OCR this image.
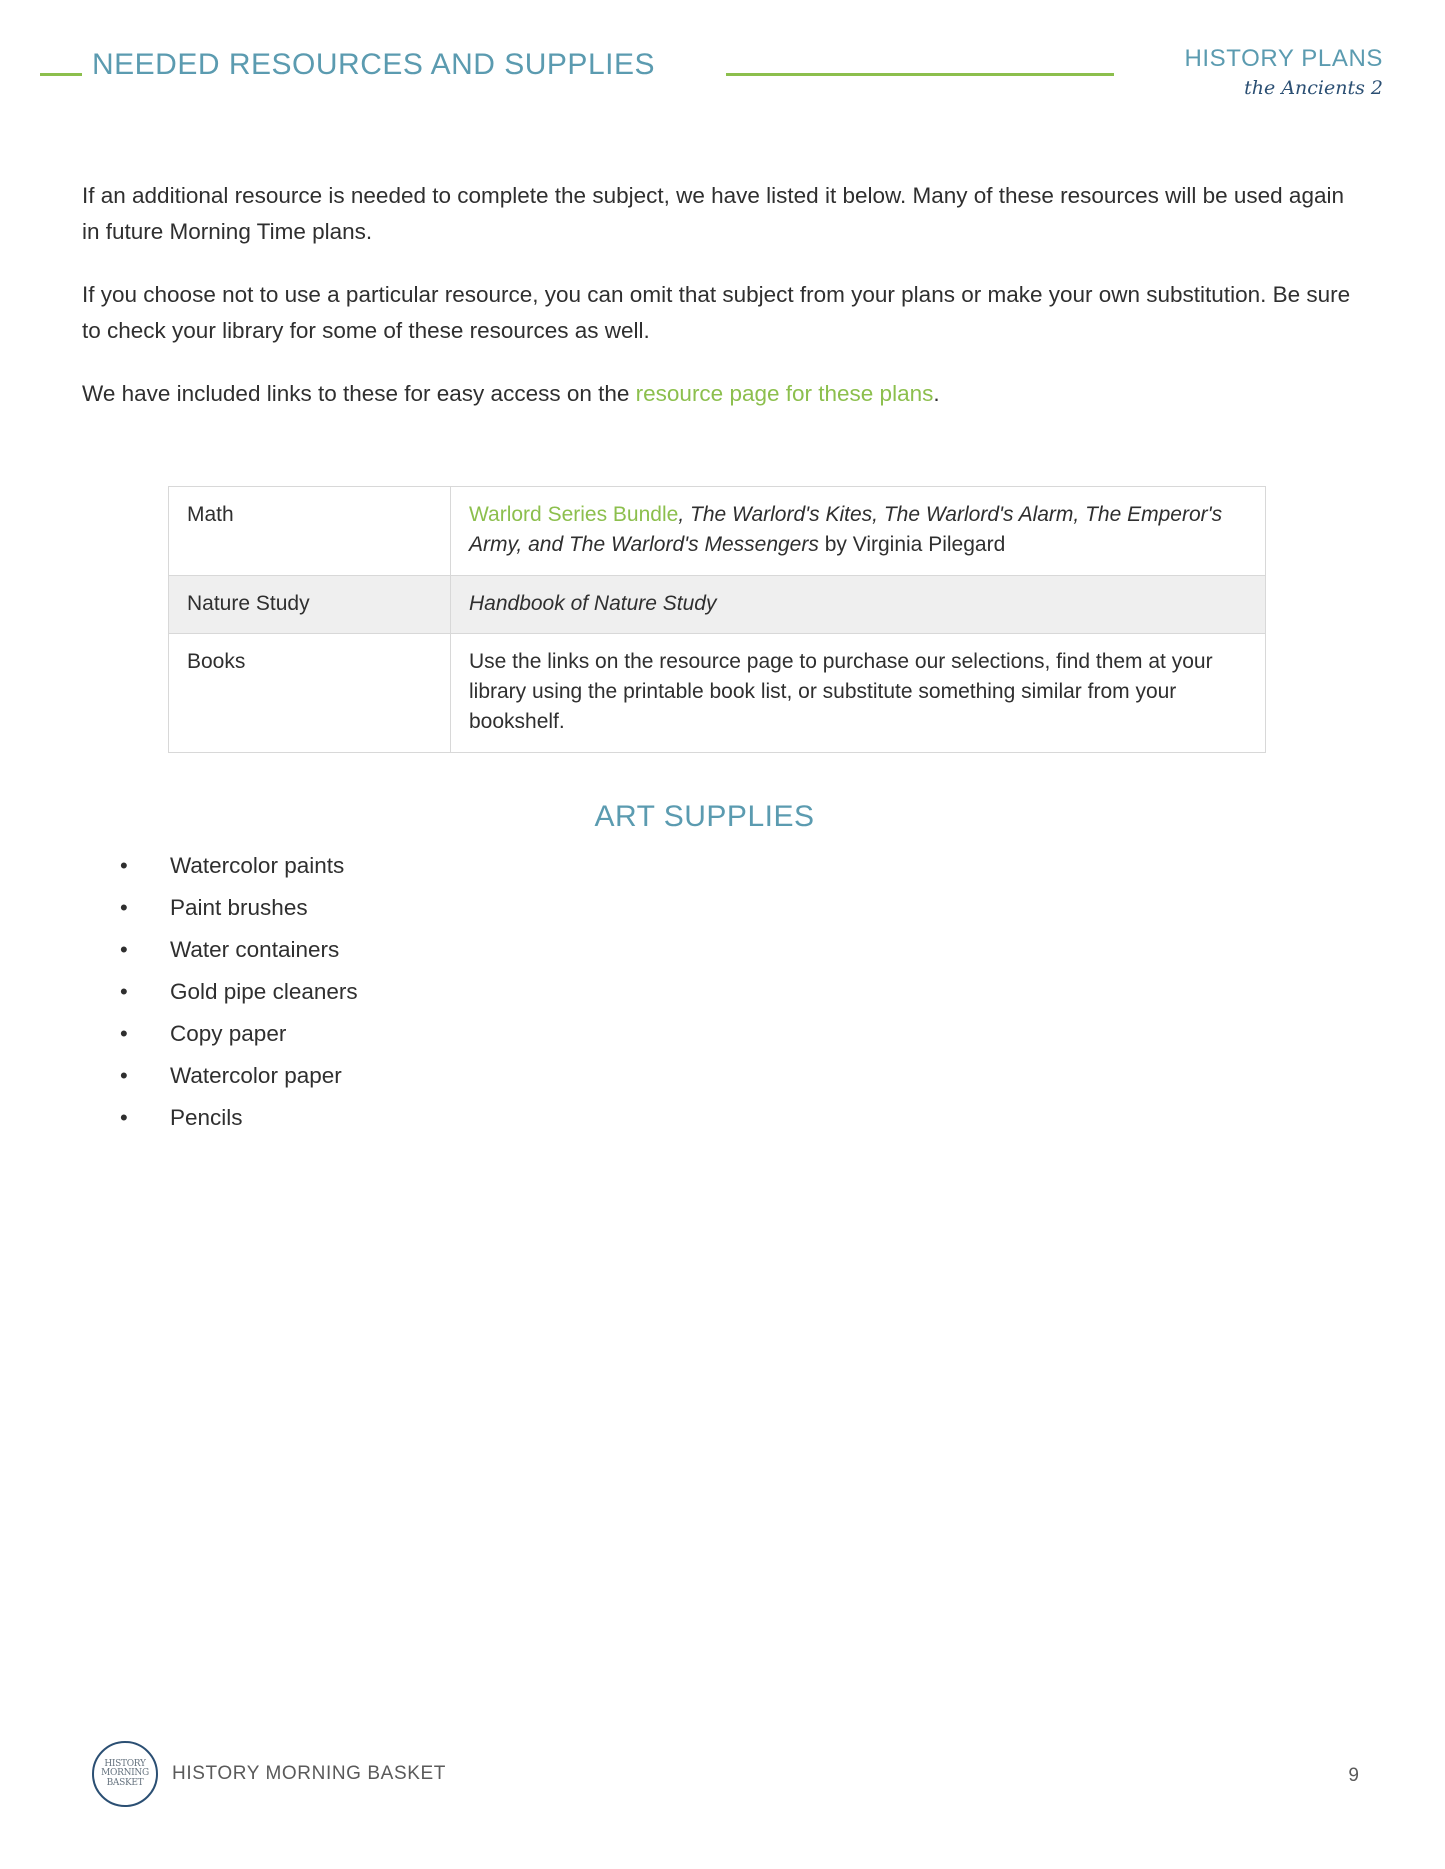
NEEDED RESOURCES AND SUPPLIES	HISTORY PLANS
the Ancients 2

If an additional resource is needed to complete the subject, we have listed it below. Many of these resources will be used again in future Morning Time plans.

If you choose not to use a particular resource, you can omit that subject from your plans or make your own substitution. Be sure to check your library for some of these resources as well.

We have included links to these for easy access on the resource page for these plans.

Math	Warlord Series Bundle, The Warlord's Kites, The Warlord's Alarm, The Emperor's Army, and The Warlord's Messengers by Virginia Pilegard
Nature Study	Handbook of Nature Study
Books	Use the links on the resource page to purchase our selections, find them at your library using the printable book list, or substitute something similar from your bookshelf.
ART SUPPLIES
• Watercolor paints
• Paint brushes
• Water containers
• Gold pipe cleaners
• Copy paper
• Watercolor paper
• Pencils
HISTORY MORNING BASKET	HISTORY MORNING BASKET	9
